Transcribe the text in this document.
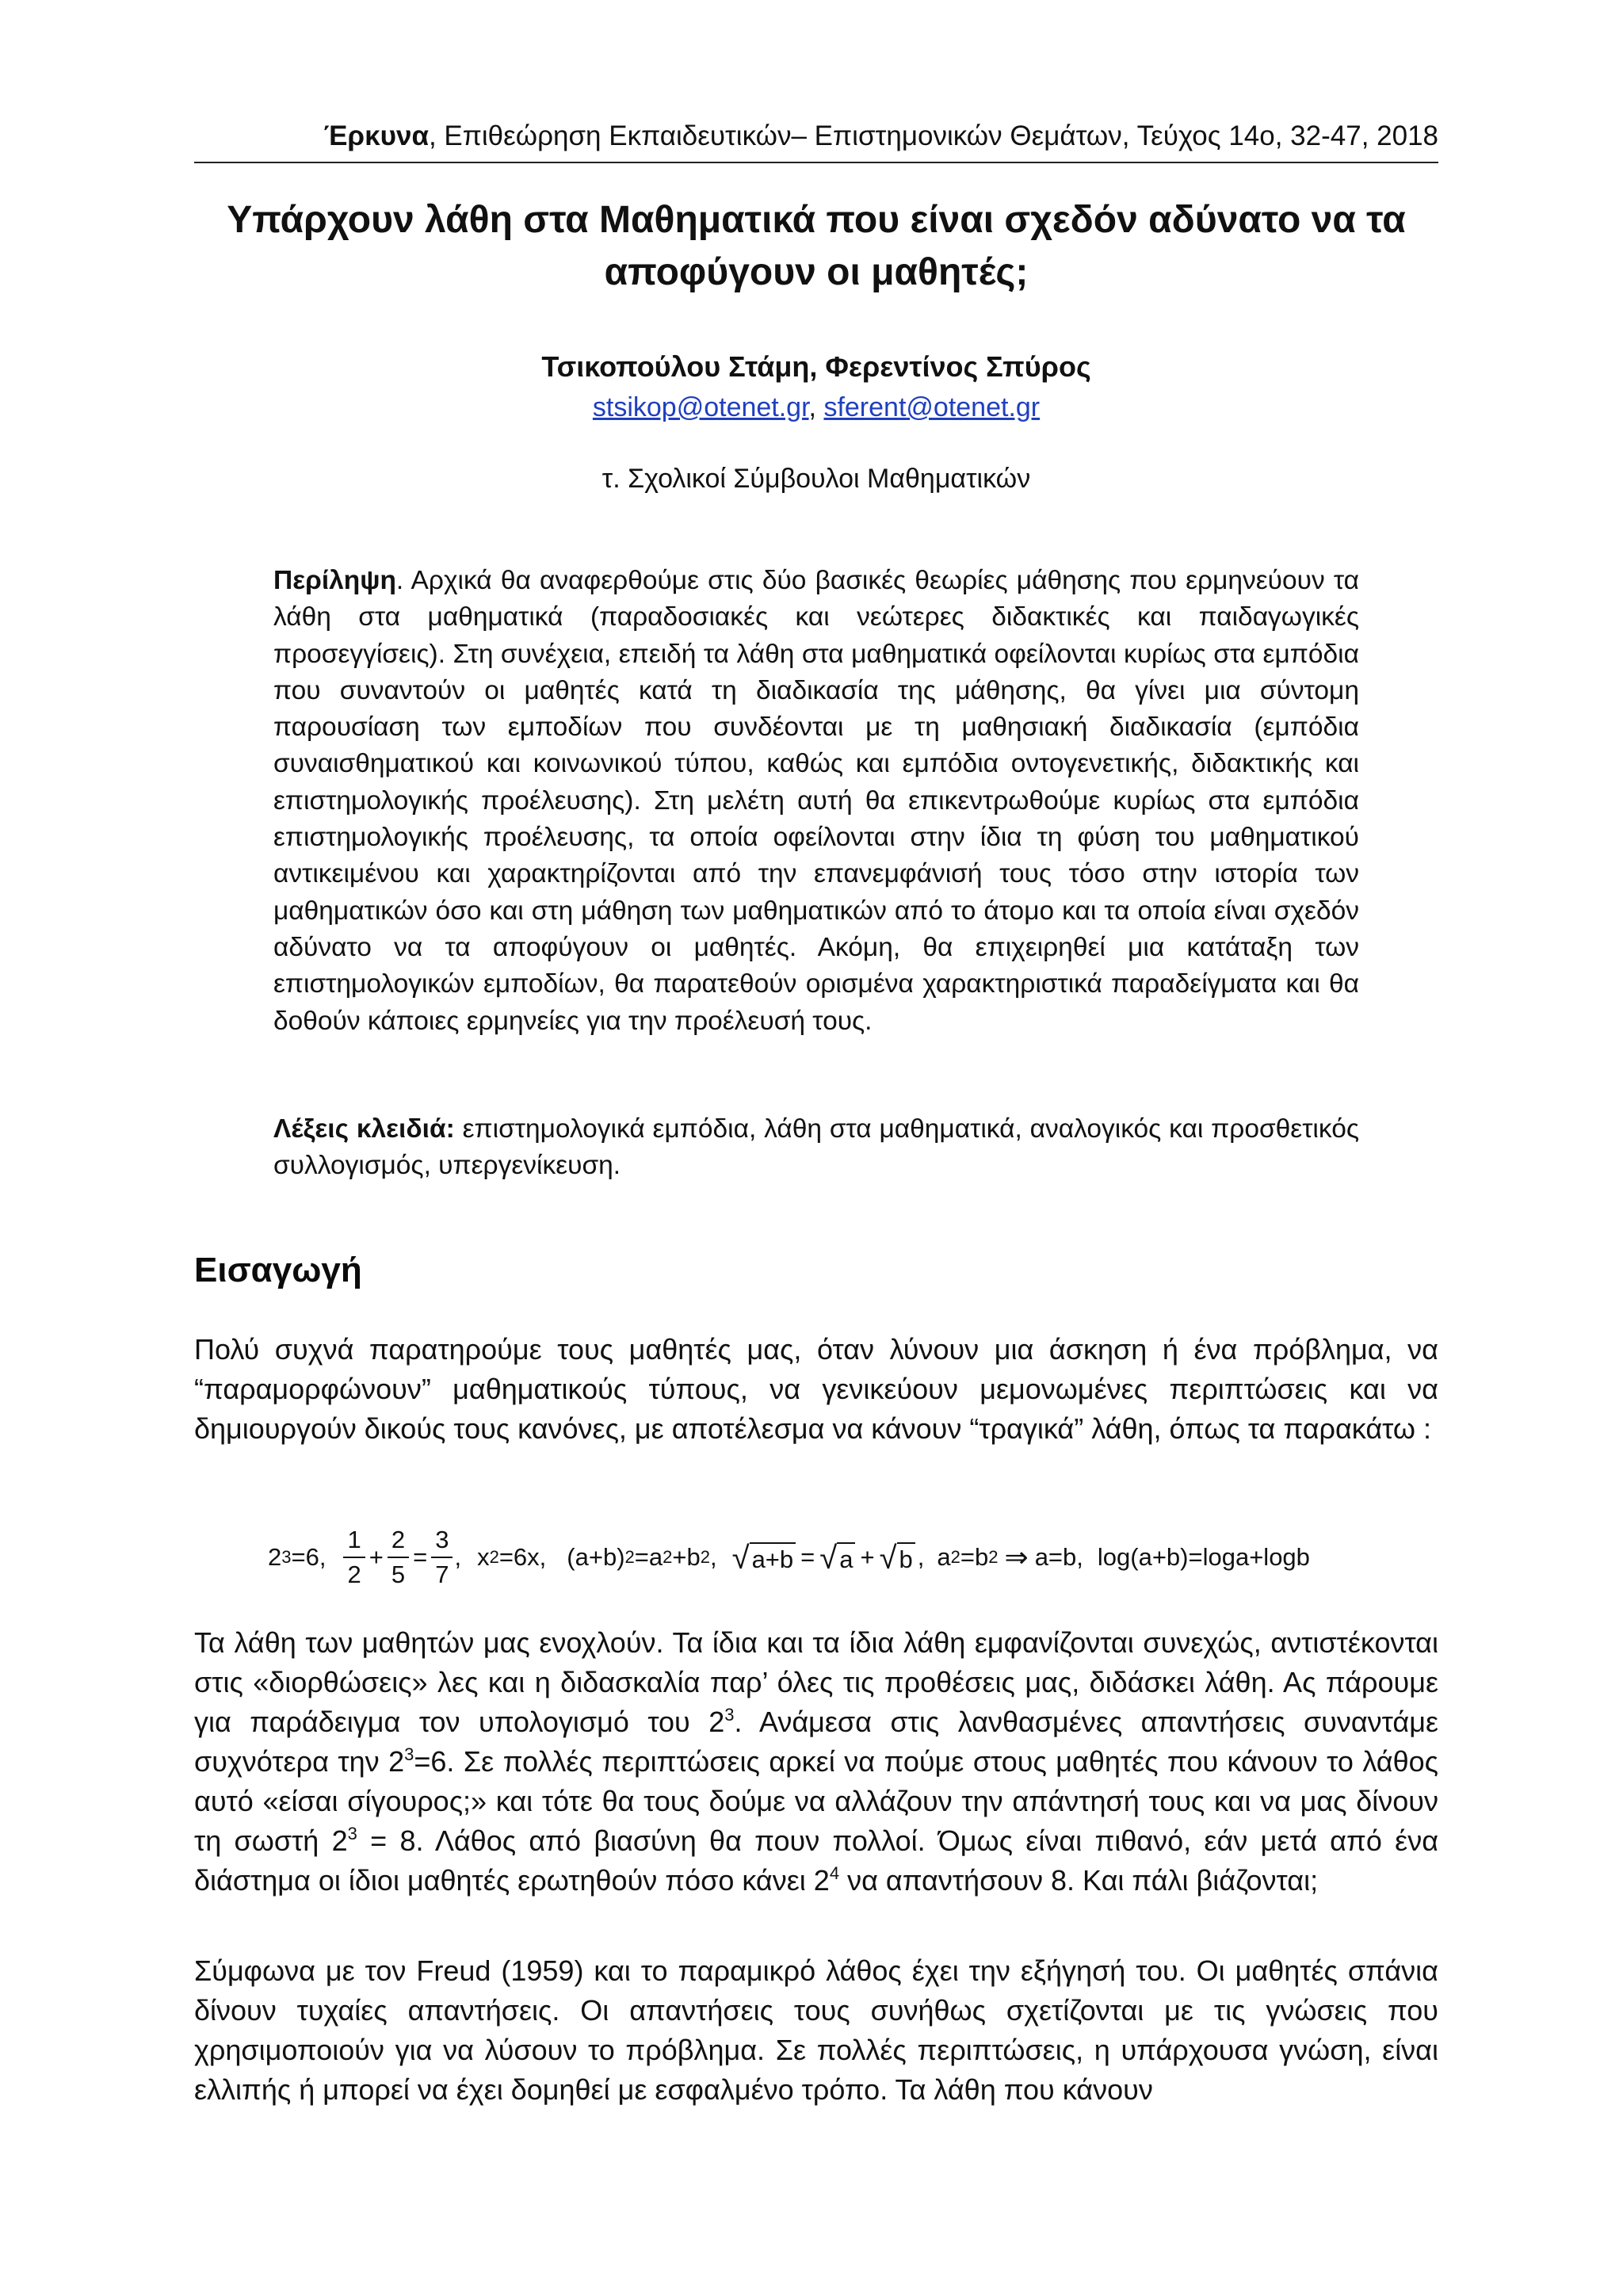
Έρκυνα, Επιθεώρηση Εκπαιδευτικών– Επιστημονικών Θεμάτων, Τεύχος 14ο, 32-47, 2018
Υπάρχουν λάθη στα Μαθηματικά που είναι σχεδόν αδύνατο να τα αποφύγουν οι μαθητές;
Τσικοπούλου Στάμη, Φερεντίνος Σπύρος
stsikop@otenet.gr, sferent@otenet.gr
τ. Σχολικοί Σύμβουλοι Μαθηματικών
Περίληψη. Αρχικά θα αναφερθούμε στις δύο βασικές θεωρίες μάθησης που ερμηνεύουν τα λάθη στα μαθηματικά (παραδοσιακές και νεώτερες διδακτικές και παιδαγωγικές προσεγγίσεις). Στη συνέχεια, επειδή τα λάθη στα μαθηματικά οφείλονται κυρίως στα εμπόδια που συναντούν οι μαθητές κατά τη διαδικασία της μάθησης, θα γίνει μια σύντομη παρουσίαση των εμποδίων που συνδέονται με τη μαθησιακή διαδικασία (εμπόδια συναισθηματικού και κοινωνικού τύπου, καθώς και εμπόδια οντογενετικής, διδακτικής και επιστημολογικής προέλευσης). Στη μελέτη αυτή θα επικεντρωθούμε κυρίως στα εμπόδια επιστημολογικής προέλευσης, τα οποία οφείλονται στην ίδια τη φύση του μαθηματικού αντικειμένου και χαρακτηρίζονται από την επανεμφάνισή τους τόσο στην ιστορία των μαθηματικών όσο και στη μάθηση των μαθηματικών από το άτομο και τα οποία είναι σχεδόν αδύνατο να τα αποφύγουν οι μαθητές. Ακόμη, θα επιχειρηθεί μια κατάταξη των επιστημολογικών εμποδίων, θα παρατεθούν ορισμένα χαρακτηριστικά παραδείγματα και θα δοθούν κάποιες ερμηνείες για την προέλευσή τους.
Λέξεις κλειδιά: επιστημολογικά εμπόδια, λάθη στα μαθηματικά, αναλογικός και προσθετικός συλλογισμός, υπεργενίκευση.
Εισαγωγή
Πολύ συχνά παρατηρούμε τους μαθητές μας, όταν λύνουν μια άσκηση ή ένα πρόβλημα, να “παραμορφώνουν” μαθηματικούς τύπους, να γενικεύουν μεμονωμένες περιπτώσεις και να δημιουργούν δικούς τους κανόνες, με αποτέλεσμα να κάνουν “τραγικά” λάθη, όπως τα παρακάτω :
2 3 =6, $\frac{1}{2} + \frac{2}{5} = \frac{3}{7}$ , x 2 =6x, (a+b) 2 =a 2 +b 2 , √ a+b = √ a + √ b , a 2 =b 2 ⇒ a=b, log(a+b)=loga+logb
Τα λάθη των μαθητών μας ενοχλούν. Τα ίδια και τα ίδια λάθη εμφανίζονται συνεχώς, αντιστέκονται στις «διορθώσεις» λες και η διδασκαλία παρ’ όλες τις προθέσεις μας, διδάσκει λάθη. Ας πάρουμε για παράδειγμα τον υπολογισμό του $2^3$. Ανάμεσα στις λανθασμένες απαντήσεις συναντάμε συχνότερα την $2^3=6$. Σε πολλές περιπτώσεις αρκεί να πούμε στους μαθητές που κάνουν το λάθος αυτό «είσαι σίγουρος;» και τότε θα τους δούμε να αλλάζουν την απάντησή τους και να μας δίνουν τη σωστή $2^3 = 8$. Λάθος από βιασύνη θα πουν πολλοί. Όμως είναι πιθανό, εάν μετά από ένα διάστημα οι ίδιοι μαθητές ερωτηθούν πόσο κάνει $2^4$ να απαντήσουν 8. Και πάλι βιάζονται;
Σύμφωνα με τον Freud (1959) και το παραμικρό λάθος έχει την εξήγησή του. Οι μαθητές σπάνια δίνουν τυχαίες απαντήσεις. Οι απαντήσεις τους συνήθως σχετίζονται με τις γνώσεις που χρησιμοποιούν για να λύσουν το πρόβλημα. Σε πολλές περιπτώσεις, η υπάρχουσα γνώση, είναι ελλιπής ή μπορεί να έχει δομηθεί με εσφαλμένο τρόπο. Τα λάθη που κάνουν
